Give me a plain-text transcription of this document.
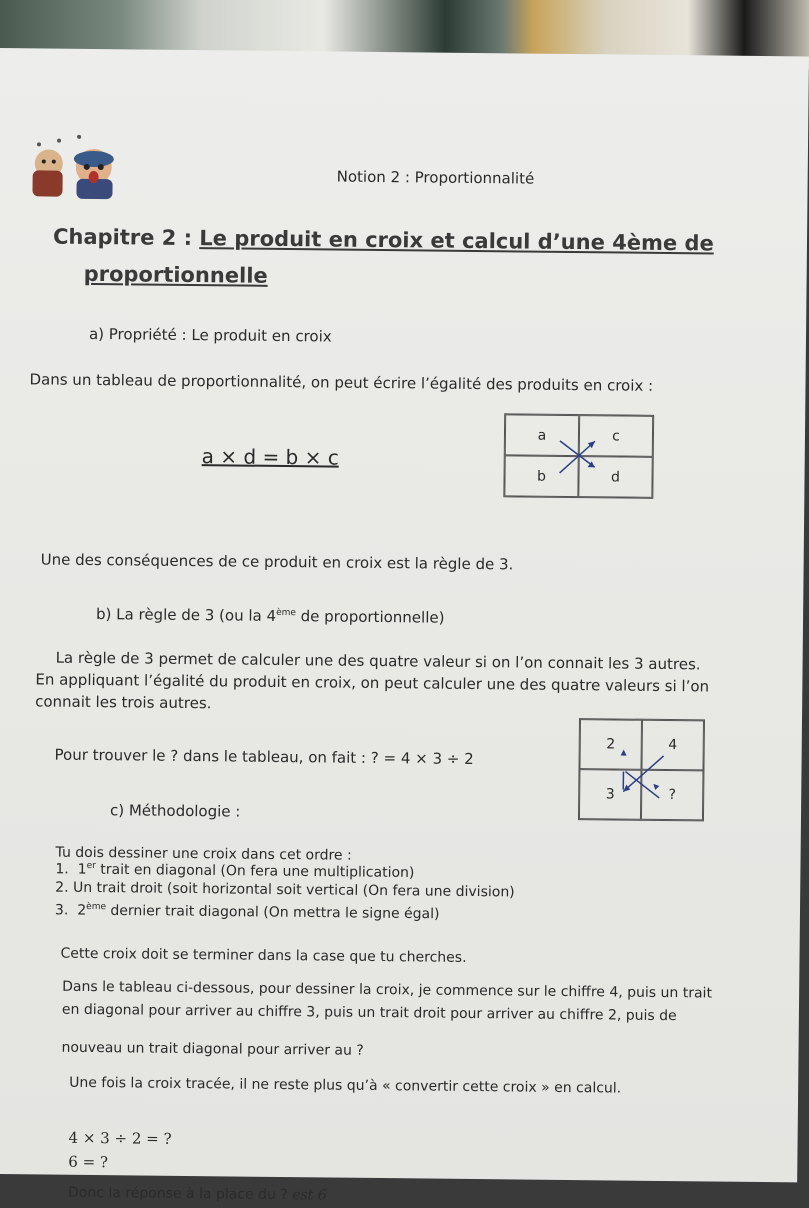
Notion 2 : Proportionnalité
Chapitre 2 : Le produit en croix et calcul d’une 4ème de
proportionnelle
a) Propriété : Le produit en croix
Dans un tableau de proportionnalité, on peut écrire l’égalité des produits en croix :
a × d = b × c
a	c
b	d
Une des conséquences de ce produit en croix est la règle de 3.
b) La règle de 3 (ou la 4ème de proportionnelle)
La règle de 3 permet de calculer une des quatre valeur si on l’on connait les 3 autres.
En appliquant l’égalité du produit en croix, on peut calculer une des quatre valeurs si l’on
connait les trois autres.
Pour trouver le ? dans le tableau, on fait : ? = 4 × 3 ÷ 2
2	4
3	?
c) Méthodologie :
Tu dois dessiner une croix dans cet ordre :
1. 1er trait en diagonal (On fera une multiplication)
2. Un trait droit (soit horizontal soit vertical (On fera une division)
3. 2ème dernier trait diagonal (On mettra le signe égal)
Cette croix doit se terminer dans la case que tu cherches.
Dans le tableau ci-dessous, pour dessiner la croix, je commence sur le chiffre 4, puis un trait
en diagonal pour arriver au chiffre 3, puis un trait droit pour arriver au chiffre 2, puis de
nouveau un trait diagonal pour arriver au ?
Une fois la croix tracée, il ne reste plus qu’à « convertir cette croix » en calcul.
4 × 3 ÷ 2 = ?
6 = ?
Donc la réponse à la place du ? est 6
